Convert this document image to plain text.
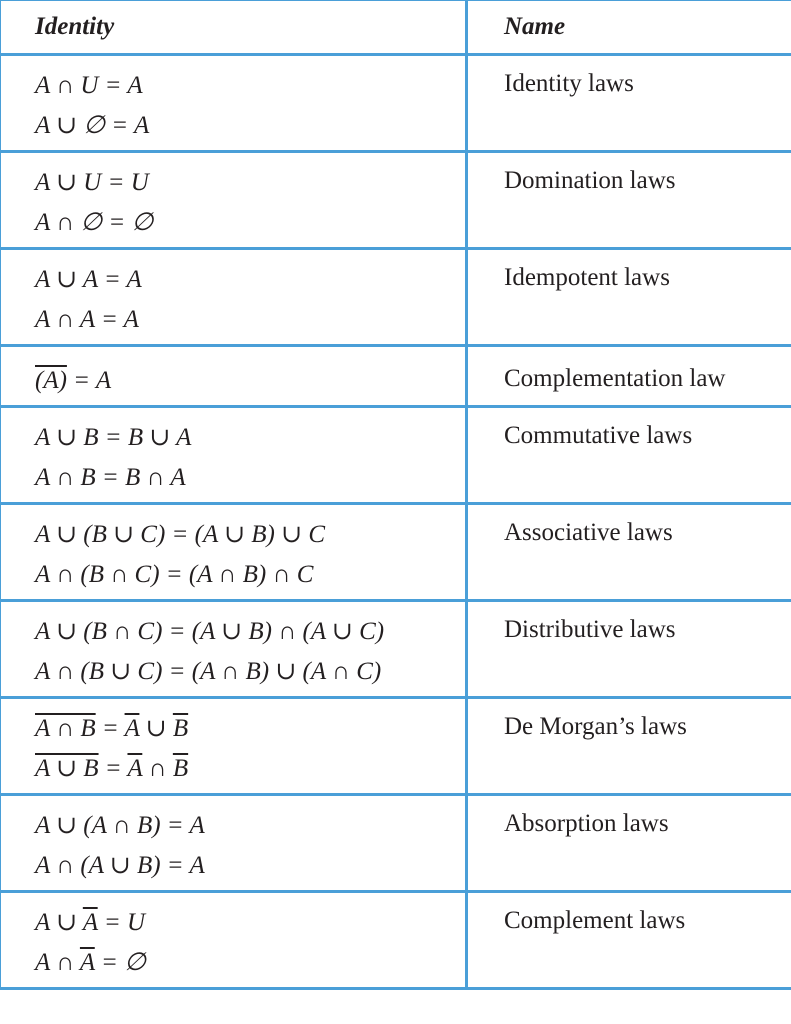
Identity	Name

A ∩ U = A
A ∪ ∅ = A	Identity laws

A ∪ U = U
A ∩ ∅ = ∅	Domination laws

A ∪ A = A
A ∩ A = A	Idempotent laws

(A) = A	Complementation law

A ∪ B = B ∪ A
A ∩ B = B ∩ A	Commutative laws

A ∪ (B ∪ C) = (A ∪ B) ∪ C
A ∩ (B ∩ C) = (A ∩ B) ∩ C	Associative laws

A ∪ (B ∩ C) = (A ∪ B) ∩ (A ∪ C)
A ∩ (B ∪ C) = (A ∩ B) ∪ (A ∩ C)	Distributive laws

A ∩ $B = \overline{A}$ ∪ $\overline{B}$
A ∪ $B = \overline{A}$ ∩ $\overline{B}$	De Morgan’s laws

A ∪ (A ∩ B) = A
A ∩ (A ∪ B) = A	Absorption laws

A ∪ $\overline{A} = U$
A ∩ $\overline{A}$ = ∅	Complement laws
